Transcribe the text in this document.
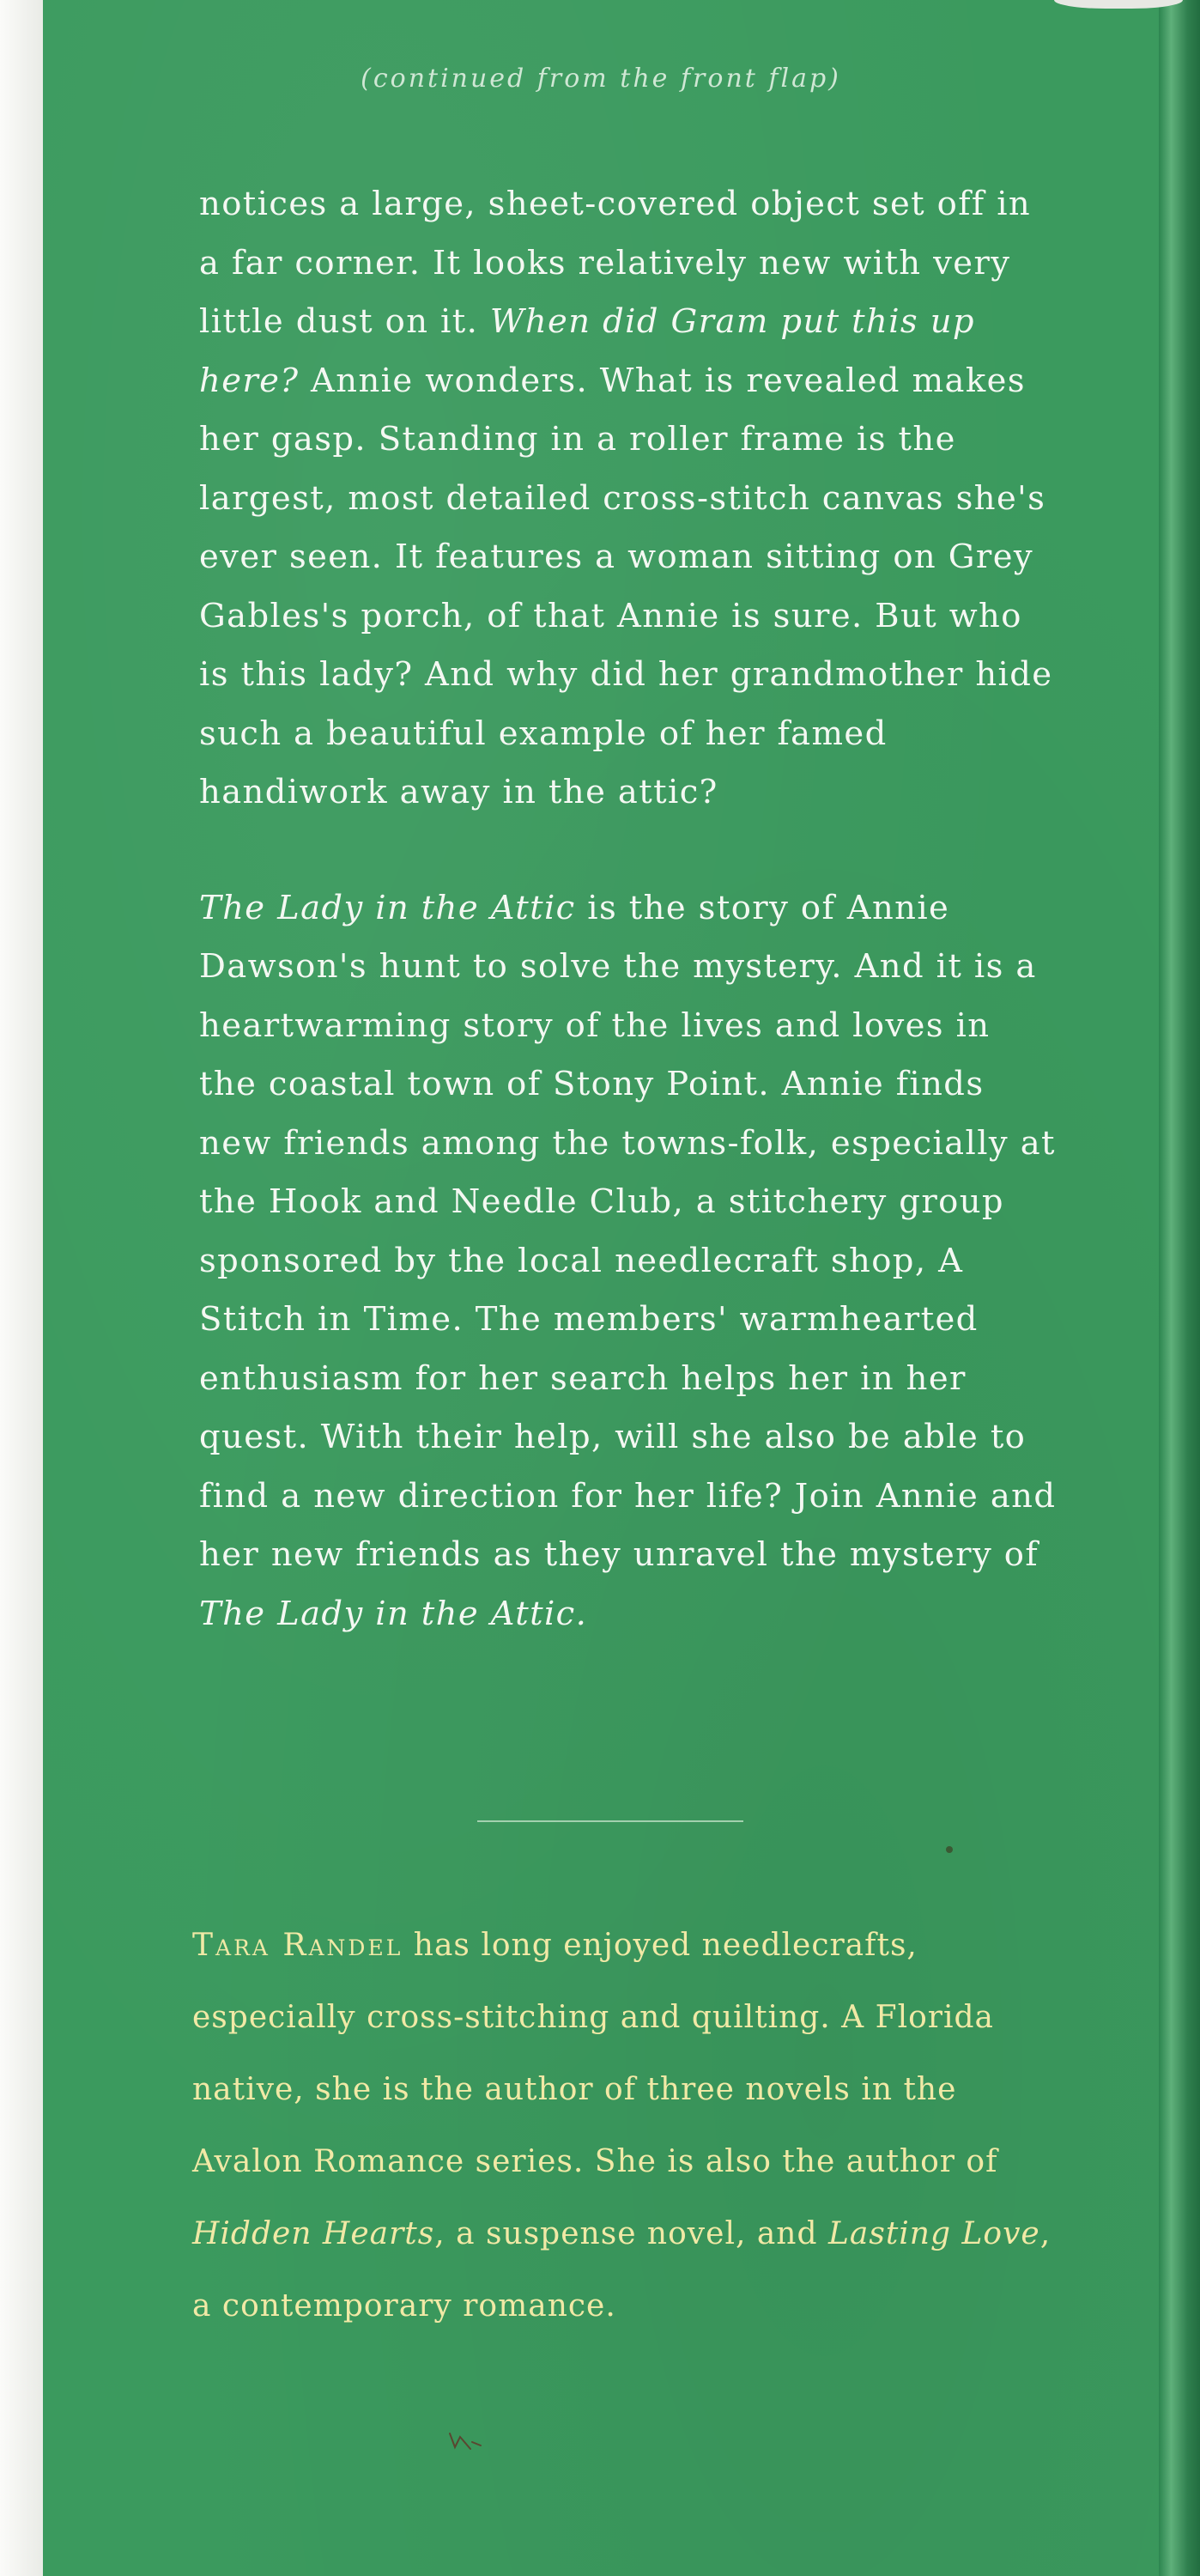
(continued from the front flap)

notices a large, sheet-covered object set off in a far corner. It looks relatively new with very little dust on it. When did Gram put this up here? Annie wonders. What is revealed makes her gasp. Standing in a roller frame is the largest, most detailed cross-stitch canvas she's ever seen. It features a woman sitting on Grey Gables's porch, of that Annie is sure. But who is this lady? And why did her grandmother hide such a beautiful example of her famed handiwork away in the attic?

The Lady in the Attic is the story of Annie Dawson's hunt to solve the mystery. And it is a heartwarming story of the lives and loves in the coastal town of Stony Point. Annie finds new friends among the towns-folk, especially at the Hook and Needle Club, a stitchery group sponsored by the local needlecraft shop, A Stitch in Time. The members' warmhearted enthusiasm for her search helps her in her quest. With their help, will she also be able to find a new direction for her life? Join Annie and her new friends as they unravel the mystery of The Lady in the Attic.

Tara Randel has long enjoyed needlecrafts, especially cross-stitching and quilting. A Florida native, she is the author of three novels in the Avalon Romance series. She is also the author of Hidden Hearts, a suspense novel, and Lasting Love, a contemporary romance.
